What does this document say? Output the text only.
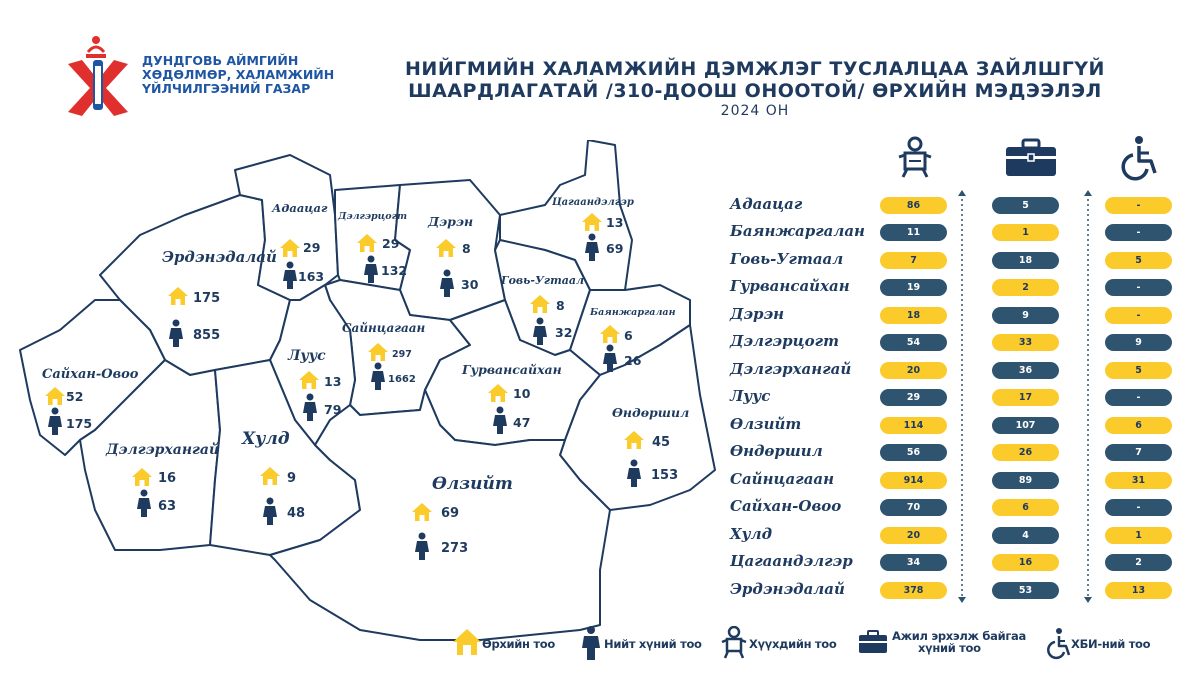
ДУНДГОВЬ АЙМГИЙН
ХӨДӨЛМӨР, ХАЛАМЖИЙН
ҮЙЛЧИЛГЭЭНИЙ ГАЗАР
НИЙГМИЙН ХАЛАМЖИЙН ДЭМЖЛЭГ ТУСЛАЛЦАА ЗАЙЛШГҮЙ
ШААРДЛАГАТАЙ /310-ДООШ ОНООТОЙ/ ӨРХИЙН МЭДЭЭЛЭЛ
2024 ОН
Эрдэнэдалай
175
855
Адаацаг
29
163
Дэлгэрцогт
29
132
Дэрэн
8
30
Цагаандэлгэр
13
69
Говь-Угтаал
8
32
Баянжаргалан
6
26
Сайнцагаан
297
1662
Луус
13
79
Сайхан-Овоо
52
175
Гурвансайхан
10
47
Өндөршил
45
153
Дэлгэрхангай
16
63
Хулд
9
48
Өлзийт
69
273
Адаацаг	86	5	-
Баянжаргалан	11	1	-
Говь-Угтаал	7	18	5
Гурвансайхан	19	2	-
Дэрэн	18	9	-
Дэлгэрцогт	54	33	9
Дэлгэрхангай	20	36	5
Луус	29	17	-
Өлзийт	114	107	6
Өндөршил	56	26	7
Сайнцагаан	914	89	31
Сайхан-Овоо	70	6	-
Хулд	20	4	1
Цагаандэлгэр	34	16	2
Эрдэнэдалай	378	53	13
Өрхийн тоо	Нийт хүний тоо	Хүүхдийн тоо
Ажил эрхэлж байгаа
хүний тоо	ХБИ-ний тоо
